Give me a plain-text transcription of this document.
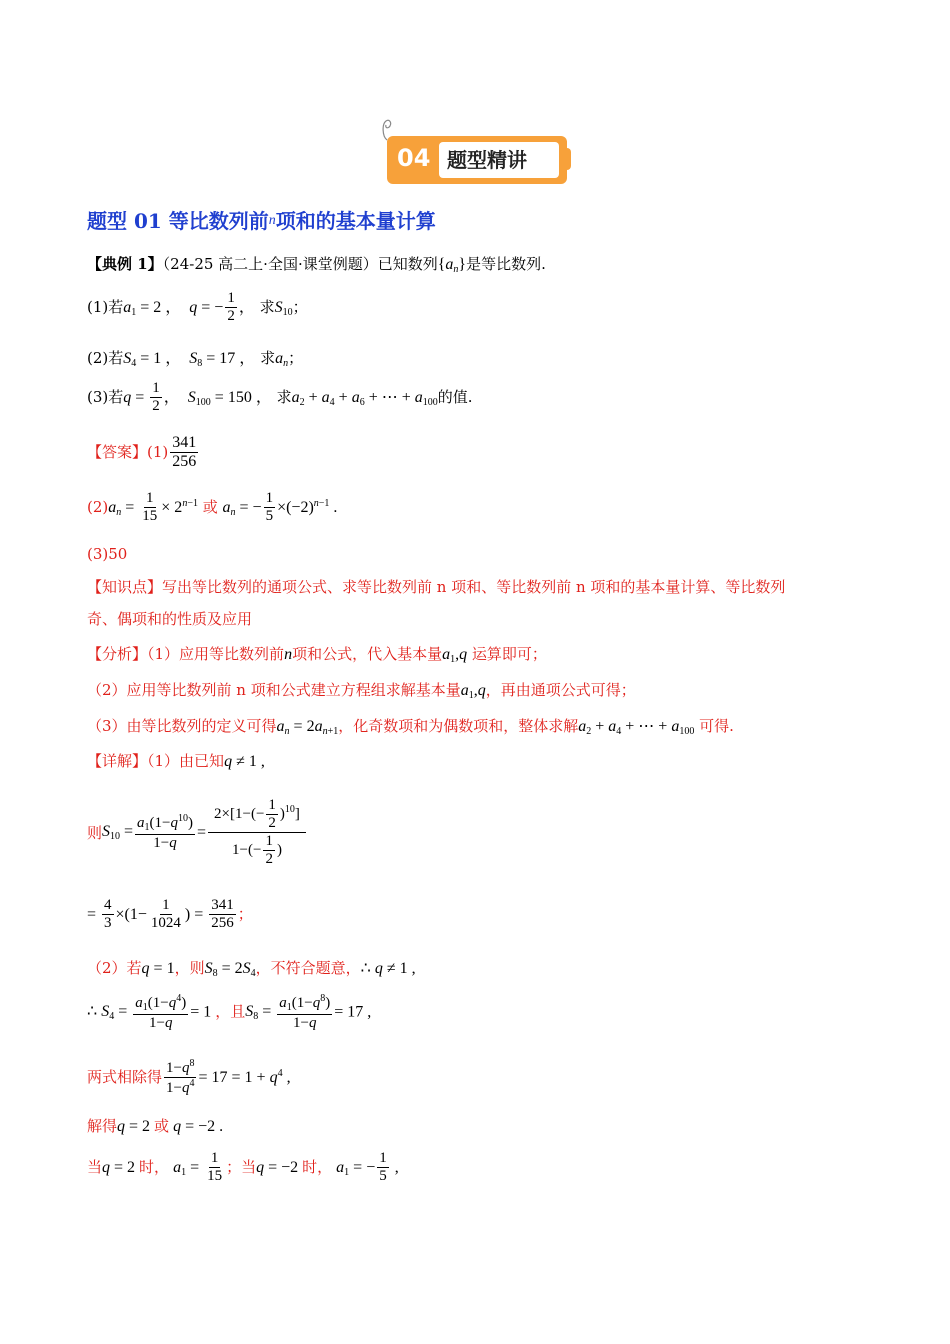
04 题型精讲
题型 01 等比数列前$^n$项和的基本量计算
【典例 1】（24-25 高二上·全国·课堂例题）已知数列$\{a_n\}$是等比数列.
(1)若$a_1 = 2$ ，  q = − $\frac{1}{2}$ ， 求$S_{10}$；
(2)若$S_4 = 1$ ，  $S_8 = 17$ ， 求$a_n$；
(3)若$q = \frac{1}{2}$ ，  $S_{100} = 150$ ， 求$a_2 + a_4 + a_6$ + ⋯ + $a_{100}$的值.
【答案】$(1) \frac{341}{256}$
$(2)a_n = \frac{1}{15} \times 2^{n-1}$ 或 $a_n$ = − $\frac{1}{5} \times(-2)^{n-1}$ .
(3)50
【知识点】写出等比数列的通项公式、求等比数列前 n 项和、等比数列前 n 项和的基本量计算、等比数列
奇、偶项和的性质及应用
【分析】（1）应用等比数列前n项和公式，代入基本量$a_1,q$ 运算即可；
（2）应用等比数列前 n 项和公式建立方程组求解基本量$a_1,q$，再由通项公式可得；
（3）由等比数列的定义可得$a_n = 2a_{n+1}$，化奇数项和为偶数项和，整体求解$a_2 + a_4$ + ⋯ + $a_{100}$ 可得.
【详解】（1）由已知q ≠ 1 ,
则 $S_{10} = \frac{a_1(1-q^{10})}{1-q} = \frac{2\times[1-(- \frac{1}{2} )^{10}]}{1-(- \frac{1}{2} )}$
= $\frac{4}{3} \times(1- \frac{1}{1024}$ ) = $\frac{341}{256}$ ；
（2）若q = 1，则$S_8 = 2S_4$，不符合题意，∴ q ≠ 1 ,
∴ $S_4 = \frac{a_1(1-q^4)}{1-q} = 1$ ，且$S_8 = \frac{a_1(1-q^8)}{1-q} = 17$ ,
两式相除得 $\frac{1-q^8}{1-q^4} = 17 = 1 + q^4$ ,
解得q = 2 或 q = −2 .
当q = 2 时， $a_1 = \frac{1}{15}$ ；当q = −2 时， $a_1$ = − $\frac{1}{5}$ ,
